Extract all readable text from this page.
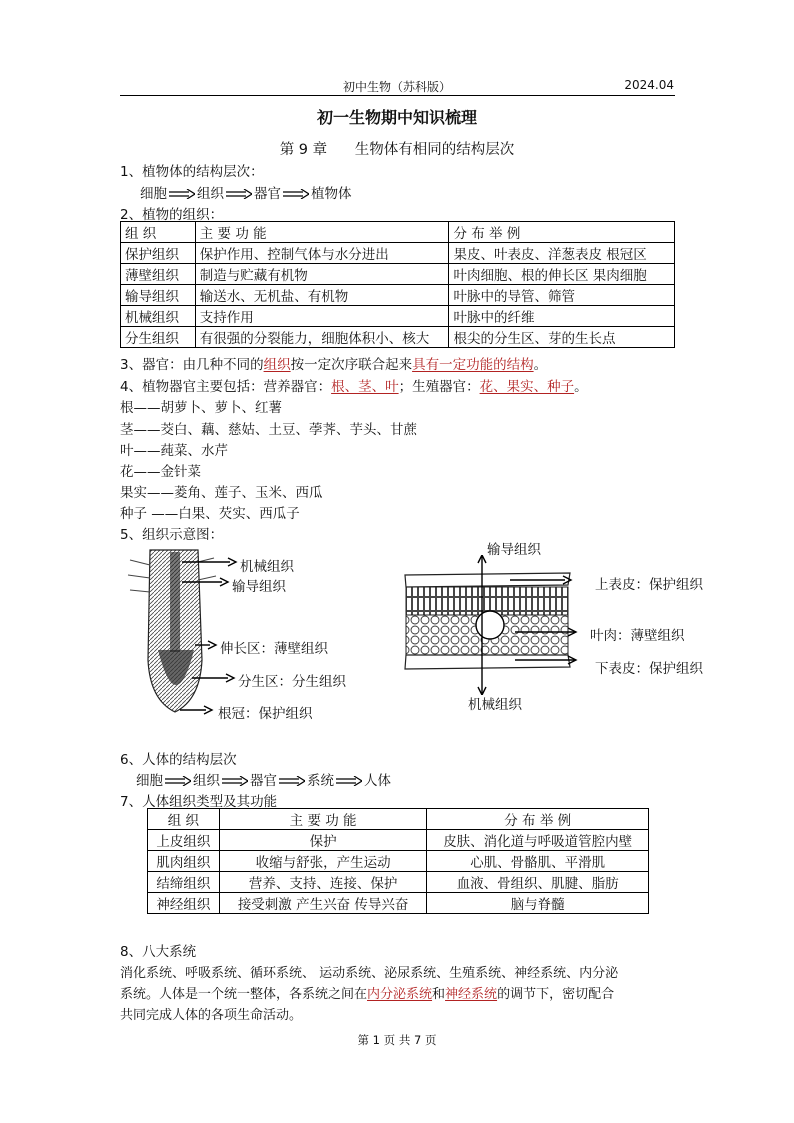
初中生物（苏科版）	2024.04
初一生物期中知识梳理
第 9 章 生物体有相同的结构层次
1、植物体的结构层次：
细胞 组织 器官 植物体
2、植物的组织：
组 织	主 要 功 能	分 布 举 例
保护组织	保护作用、控制气体与水分进出	果皮、叶表皮、洋葱表皮 根冠区
薄壁组织	制造与贮藏有机物	叶肉细胞、根的伸长区 果肉细胞
输导组织	输送水、无机盐、有机物	叶脉中的导管、筛管
机械组织	支持作用	叶脉中的纤维
分生组织	有很强的分裂能力，细胞体积小、核大	根尖的分生区、芽的生长点
3、器官：由几种不同的组织按一定次序联合起来具有一定功能的结构。
4、植物器官主要包括：营养器官：根、茎、叶；生殖器官：花、果实、种子。
根——胡萝卜、萝卜、红薯
茎——茭白、藕、慈姑、土豆、荸荠、芋头、甘蔗
叶——莼菜、水芹
花——金针菜
果实——菱角、莲子、玉米、西瓜
种子 ——白果、芡实、西瓜子
5、组织示意图：
机械组织
输导组织
伸长区：薄壁组织
分生区：分生组织
根冠：保护组织
输导组织
上表皮：保护组织
叶肉：薄壁组织
下表皮：保护组织
机械组织
6、人体的结构层次
细胞 组织 器官 系统 人体
7、人体组织类型及其功能
组 织	主 要 功 能	分 布 举 例
上皮组织	保护	皮肤、消化道与呼吸道管腔内壁
肌肉组织	收缩与舒张，产生运动	心肌、骨骼肌、平滑肌
结缔组织	营养、支持、连接、保护	血液、骨组织、肌腱、脂肪
神经组织	接受刺激 产生兴奋 传导兴奋	脑与脊髓
8、八大系统
消化系统、呼吸系统、循环系统、 运动系统、泌尿系统、生殖系统、神经系统、内分泌
系统。人体是一个统一整体，各系统之间在内分泌系统和神经系统的调节下，密切配合
共同完成人体的各项生命活动。
第 1 页 共 7 页
